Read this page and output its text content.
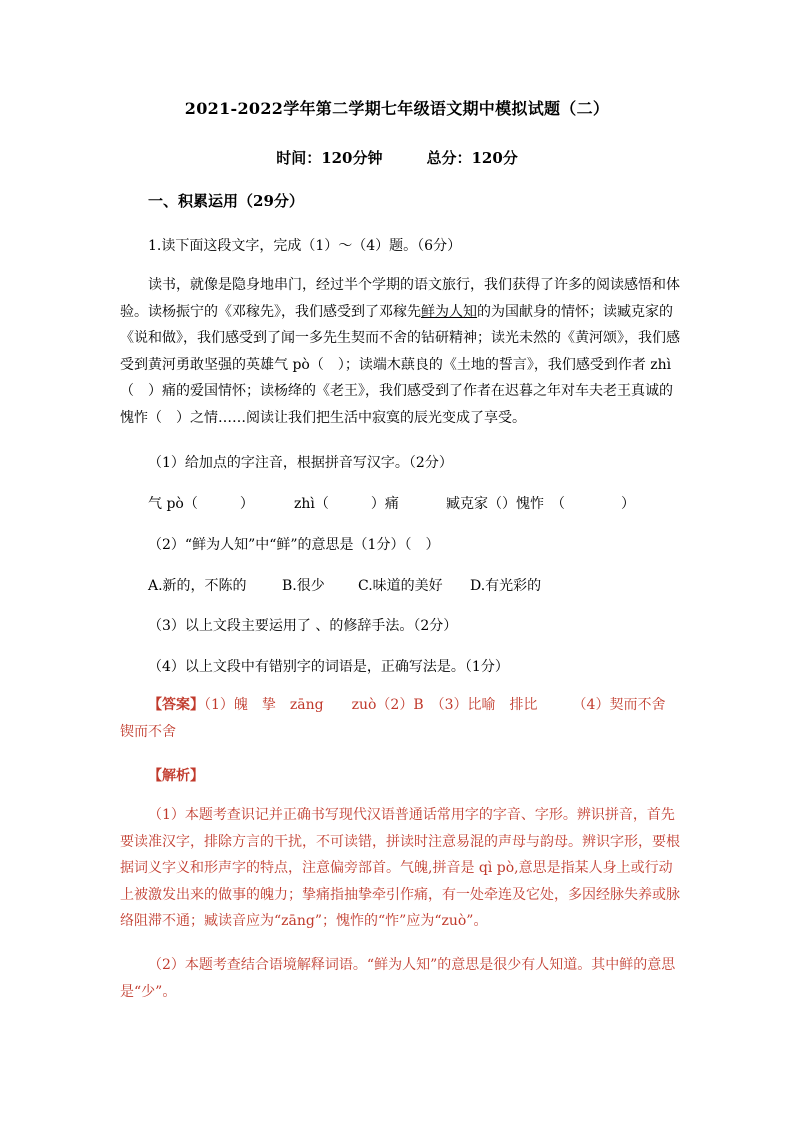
2021-2022学年第二学期七年级语文期中模拟试题（二）
时间：120分钟	总分：120分
一、积累运用（29分）
1.读下面这段文字，完成（1）～（4）题。（6分）
读书，就像是隐身地串门，经过半个学期的语文旅行，我们获得了许多的阅读感悟和体验。读杨振宁的《邓稼先》，我们感受到了邓稼先鲜为人知的为国献身的情怀；读臧克家的《说和做》，我们感受到了闻一多先生契而不舍的钻研精神；读光未然的《黄河颂》，我们感受到黄河勇敢坚强的英雄气 pò（　）；读端木蕻良的《土地的誓言》，我们感受到作者 zhì（　）痛的爱国情怀；读杨绛的《老王》，我们感受到了作者在迟暮之年对车夫老王真诚的愧怍（　）之情……阅读让我们把生活中寂寞的辰光变成了享受。
（1）给加点的字注音，根据拼音写汉字。（2分）
气 pò（　　　）	zhì（　　　）痛	臧克家（）愧怍　（　　　　）
（2）“鲜为人知”中“鲜”的意思是（1分）（　）
A.新的，不陈的	B.很少 C.味道的美好 D.有光彩的
（3）以上文段主要运用了 、的修辞手法。（2分）
（4）以上文段中有错别字的词语是，正确写法是。（1分）
【答案】（1）魄　挚　zāng　　zuò（2）B　（3）比喻　排比　　　（4）契而不舍　锲而不舍
【解析】
（1）本题考查识记并正确书写现代汉语普通话常用字的字音、字形。辨识拼音，首先要读准汉字，排除方言的干扰，不可读错，拼读时注意易混的声母与韵母。辨识字形，要根据词义字义和形声字的特点，注意偏旁部首。气魄,拼音是 qì pò,意思是指某人身上或行动上被激发出来的做事的魄力；挚痛指抽挚牵引作痛，有一处牵连及它处，多因经脉失养或脉络阻滞不通；臧读音应为“zāng”；愧怍的“怍”应为“zuò”。
（2）本题考查结合语境解释词语。“鲜为人知”的意思是很少有人知道。其中鲜的意思是“少”。
